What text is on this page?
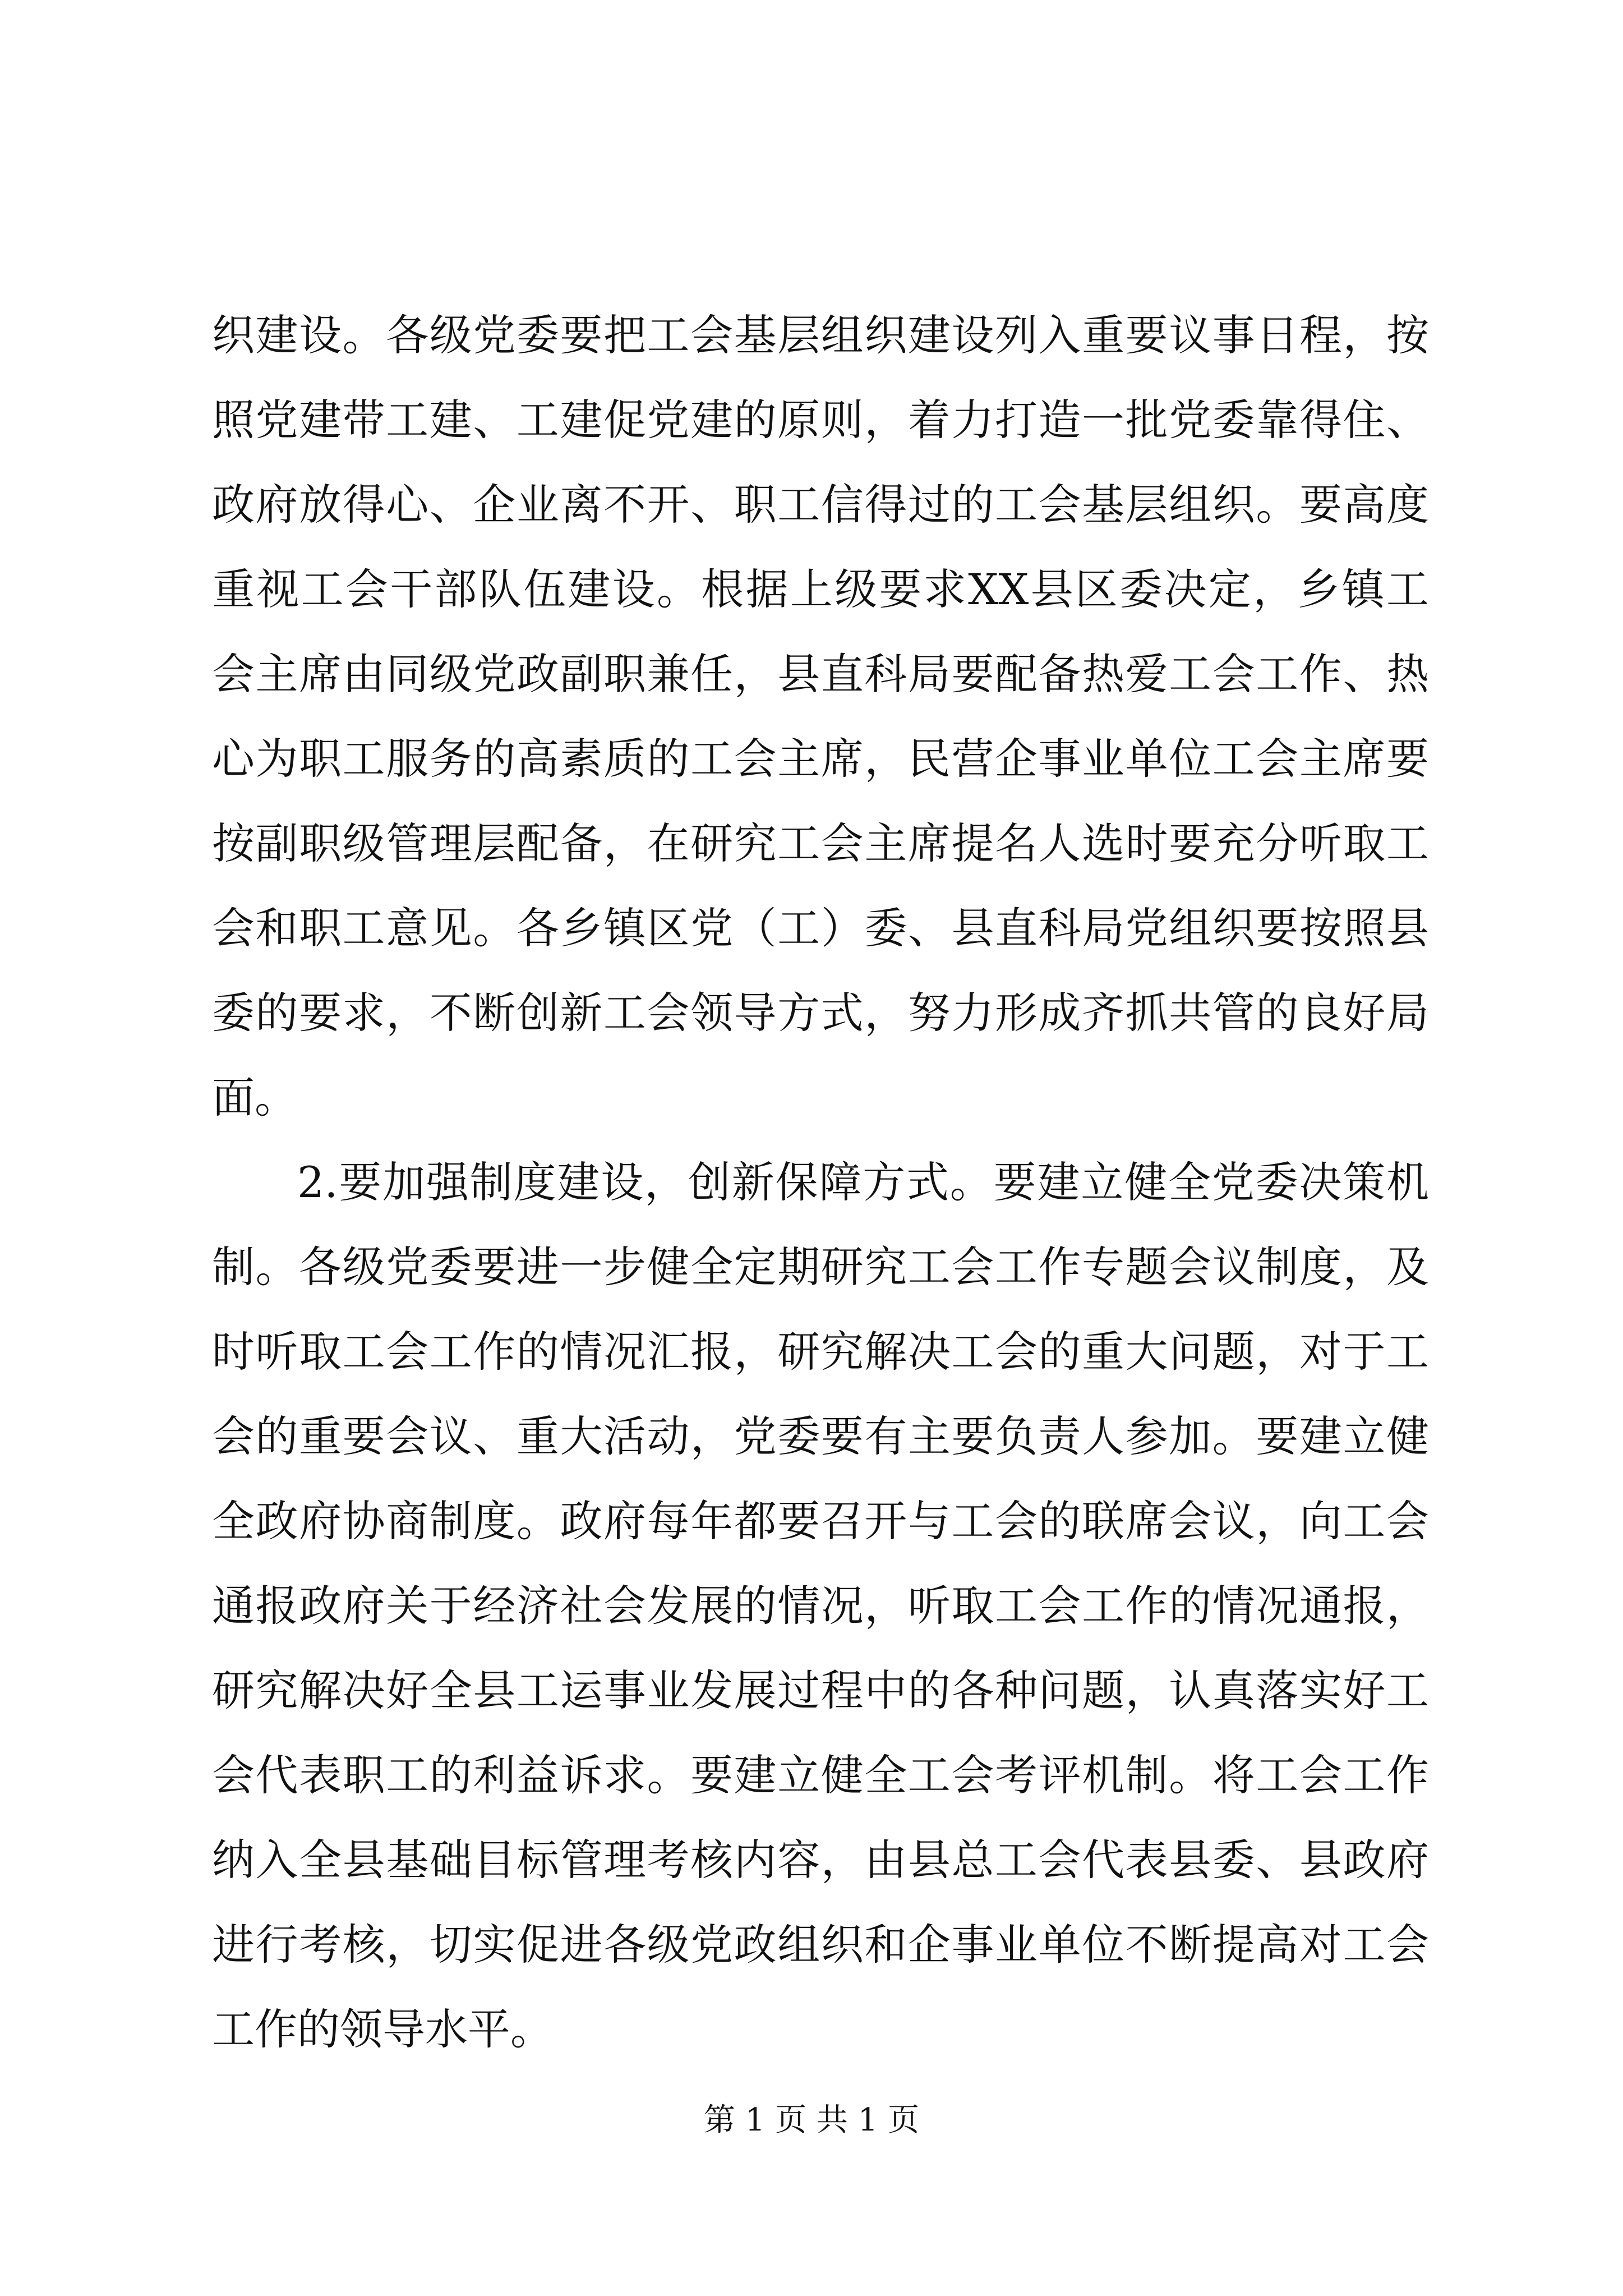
织建设。各级党委要把工会基层组织建设列入重要议事日程，按
照党建带工建、工建促党建的原则，着力打造一批党委靠得住、
政府放得心、企业离不开、职工信得过的工会基层组织。要高度
重视工会干部队伍建设。根据上级要求XX县区委决定，乡镇工
会主席由同级党政副职兼任，县直科局要配备热爱工会工作、热
心为职工服务的高素质的工会主席，民营企事业单位工会主席要
按副职级管理层配备，在研究工会主席提名人选时要充分听取工
会和职工意见。各乡镇区党（工）委、县直科局党组织要按照县
委的要求，不断创新工会领导方式，努力形成齐抓共管的良好局
面。
2.要加强制度建设，创新保障方式。要建立健全党委决策机
制。各级党委要进一步健全定期研究工会工作专题会议制度，及
时听取工会工作的情况汇报，研究解决工会的重大问题，对于工
会的重要会议、重大活动，党委要有主要负责人参加。要建立健
全政府协商制度。政府每年都要召开与工会的联席会议，向工会
通报政府关于经济社会发展的情况，听取工会工作的情况通报，
研究解决好全县工运事业发展过程中的各种问题，认真落实好工
会代表职工的利益诉求。要建立健全工会考评机制。将工会工作
纳入全县基础目标管理考核内容，由县总工会代表县委、县政府
进行考核，切实促进各级党政组织和企事业单位不断提高对工会
工作的领导水平。
第 1 页 共 1 页
